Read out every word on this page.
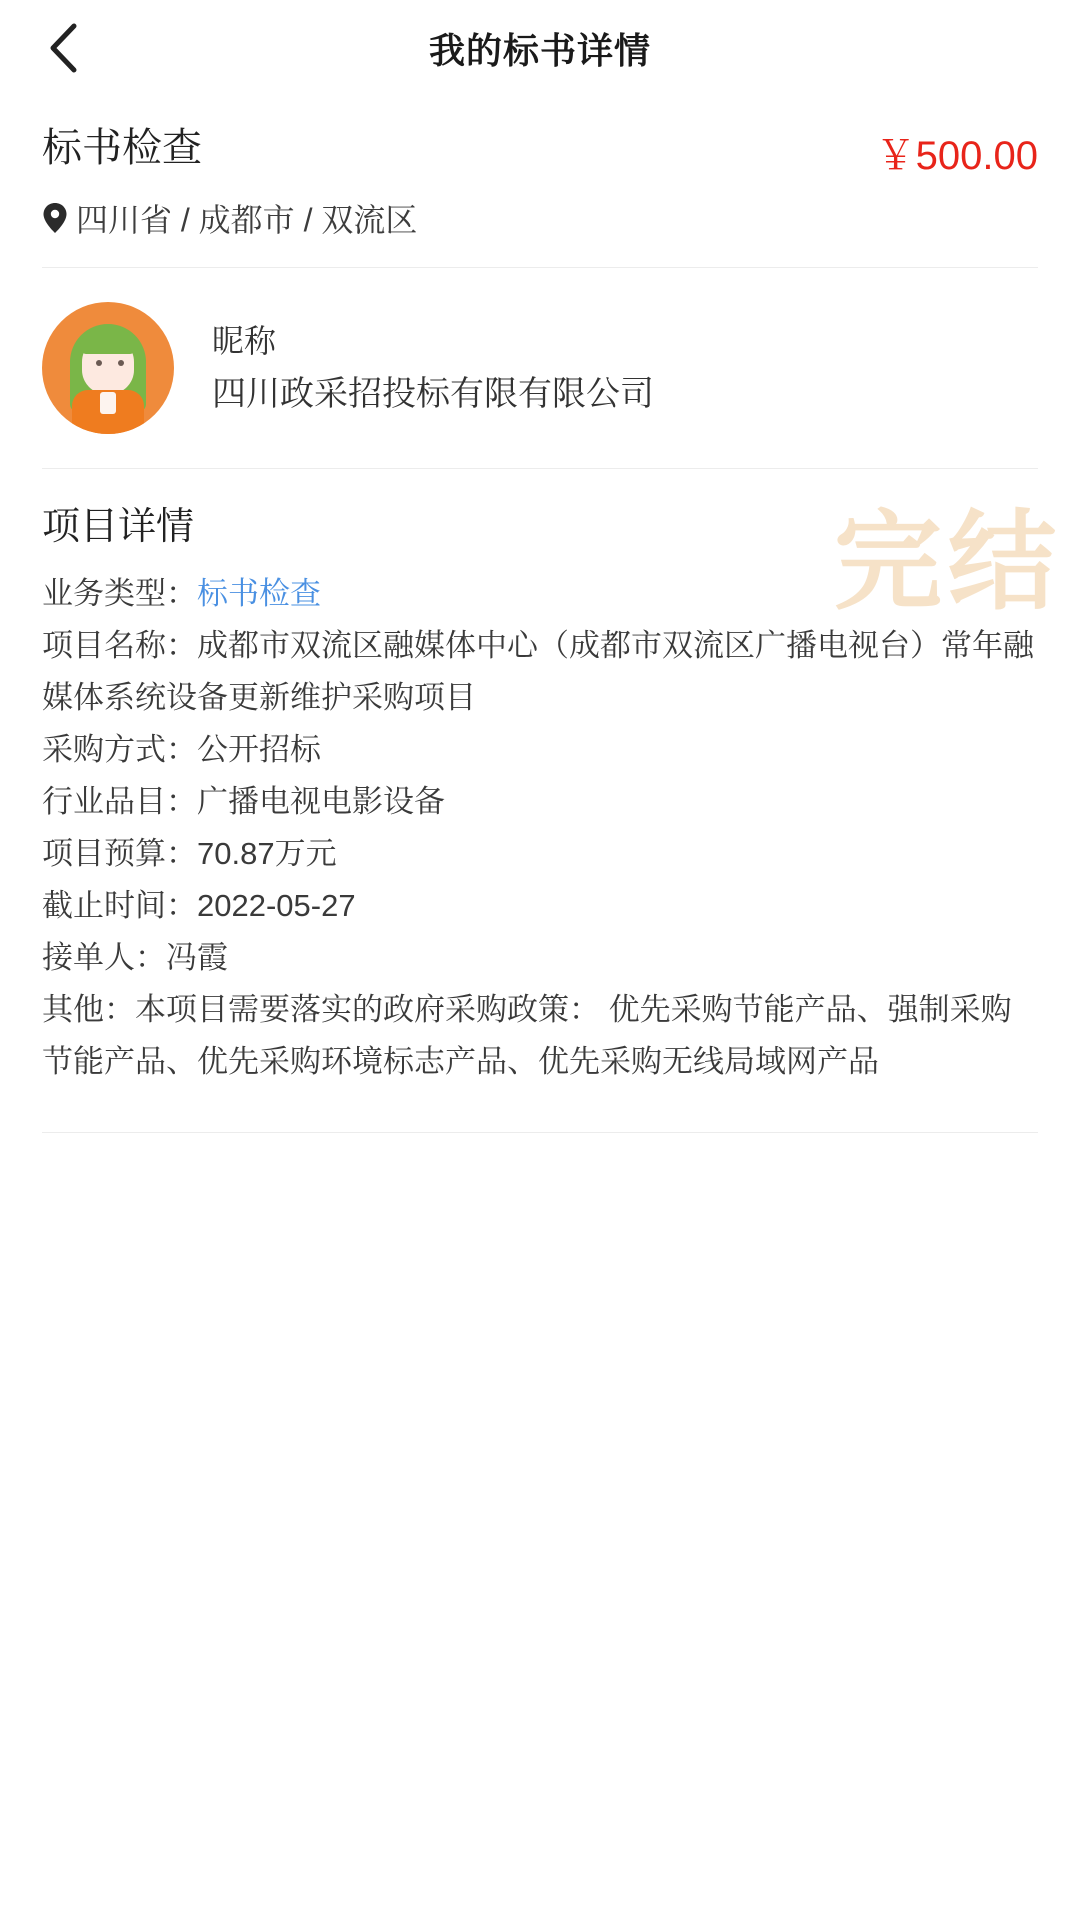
我的标书详情
标书检查	￥500.00
四川省 / 成都市 / 双流区
昵称
四川政采招投标有限有限公司
完结
项目详情
业务类型：标书检查
项目名称：成都市双流区融媒体中心（成都市双流区广播电视台）常年融媒体系统设备更新维护采购项目
采购方式：公开招标
行业品目：广播电视电影设备
项目预算：70.87万元
截止时间：2022-05-27
接单人：冯霞
其他：本项目需要落实的政府采购政策： 优先采购节能产品、强制采购节能产品、优先采购环境标志产品、优先采购无线局域网产品
